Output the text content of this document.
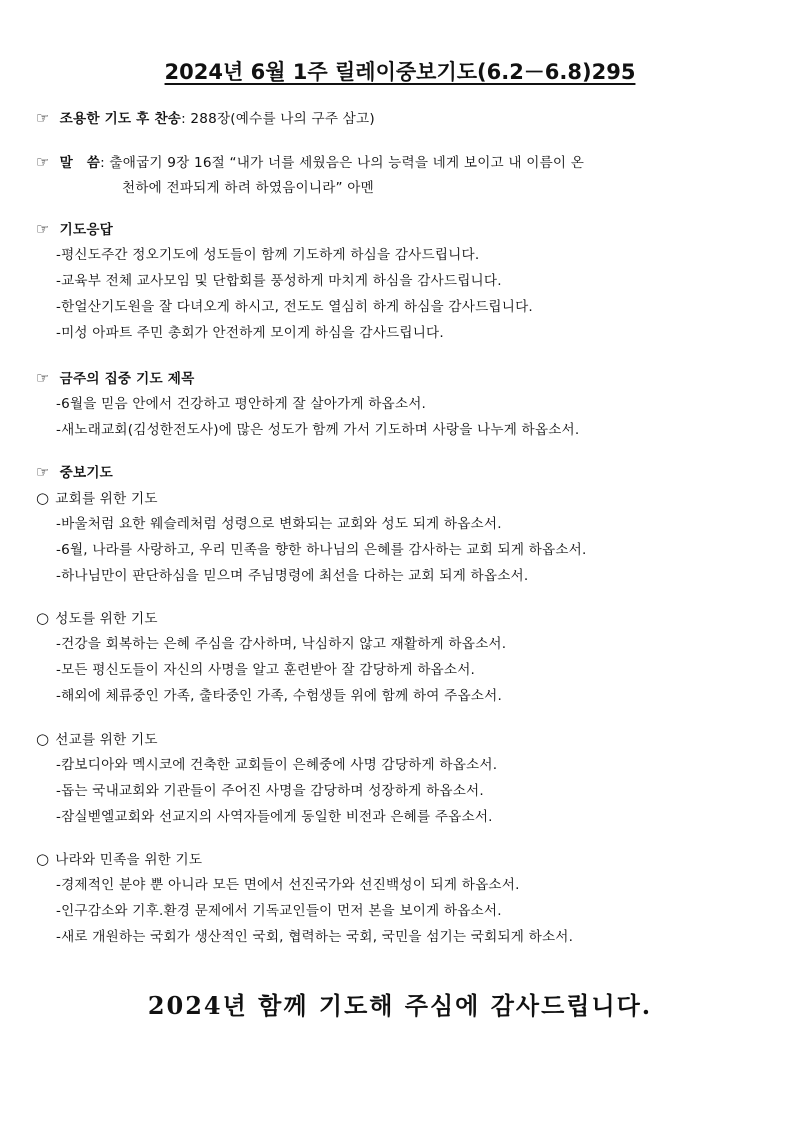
2024년 6월 1주 릴레이중보기도(6.2－6.8)295
☞ 조용한 기도 후 찬송: 288장(예수를 나의 구주 삼고)
☞ 말　씀: 출애굽기 9장 16절 “내가 너를 세웠음은 나의 능력을 네게 보이고 내 이름이 온
천하에 전파되게 하려 하였음이니라” 아멘
☞ 기도응답
-평신도주간 정오기도에 성도들이 함께 기도하게 하심을 감사드립니다.
-교육부 전체 교사모임 및 단합회를 풍성하게 마치게 하심을 감사드립니다.
-한얼산기도원을 잘 다녀오게 하시고, 전도도 열심히 하게 하심을 감사드립니다.
-미성 아파트 주민 총회가 안전하게 모이게 하심을 감사드립니다.
☞ 금주의 집중 기도 제목
-6월을 믿음 안에서 건강하고 평안하게 잘 살아가게 하옵소서.
-새노래교회(김성한전도사)에 많은 성도가 함께 가서 기도하며 사랑을 나누게 하옵소서.
☞ 중보기도
○ 교회를 위한 기도
-바울처럼 요한 웨슬레처럼 성령으로 변화되는 교회와 성도 되게 하옵소서.
-6월, 나라를 사랑하고, 우리 민족을 향한 하나님의 은혜를 감사하는 교회 되게 하옵소서.
-하나님만이 판단하심을 믿으며 주님명령에 최선을 다하는 교회 되게 하옵소서.
○ 성도를 위한 기도
-건강을 회복하는 은혜 주심을 감사하며, 낙심하지 않고 재활하게 하옵소서.
-모든 평신도들이 자신의 사명을 알고 훈련받아 잘 감당하게 하옵소서.
-해외에 체류중인 가족, 출타중인 가족, 수험생들 위에 함께 하여 주옵소서.
○ 선교를 위한 기도
-캄보디아와 멕시코에 건축한 교회들이 은혜중에 사명 감당하게 하옵소서.
-돕는 국내교회와 기관들이 주어진 사명을 감당하며 성장하게 하옵소서.
-잠실벧엘교회와 선교지의 사역자들에게 동일한 비전과 은혜를 주옵소서.
○ 나라와 민족을 위한 기도
-경제적인 분야 뿐 아니라 모든 면에서 선진국가와 선진백성이 되게 하옵소서.
-인구감소와 기후.환경 문제에서 기독교인들이 먼저 본을 보이게 하옵소서.
-새로 개원하는 국회가 생산적인 국회, 협력하는 국회, 국민을 섬기는 국회되게 하소서.
2024년 함께 기도해 주심에 감사드립니다.
